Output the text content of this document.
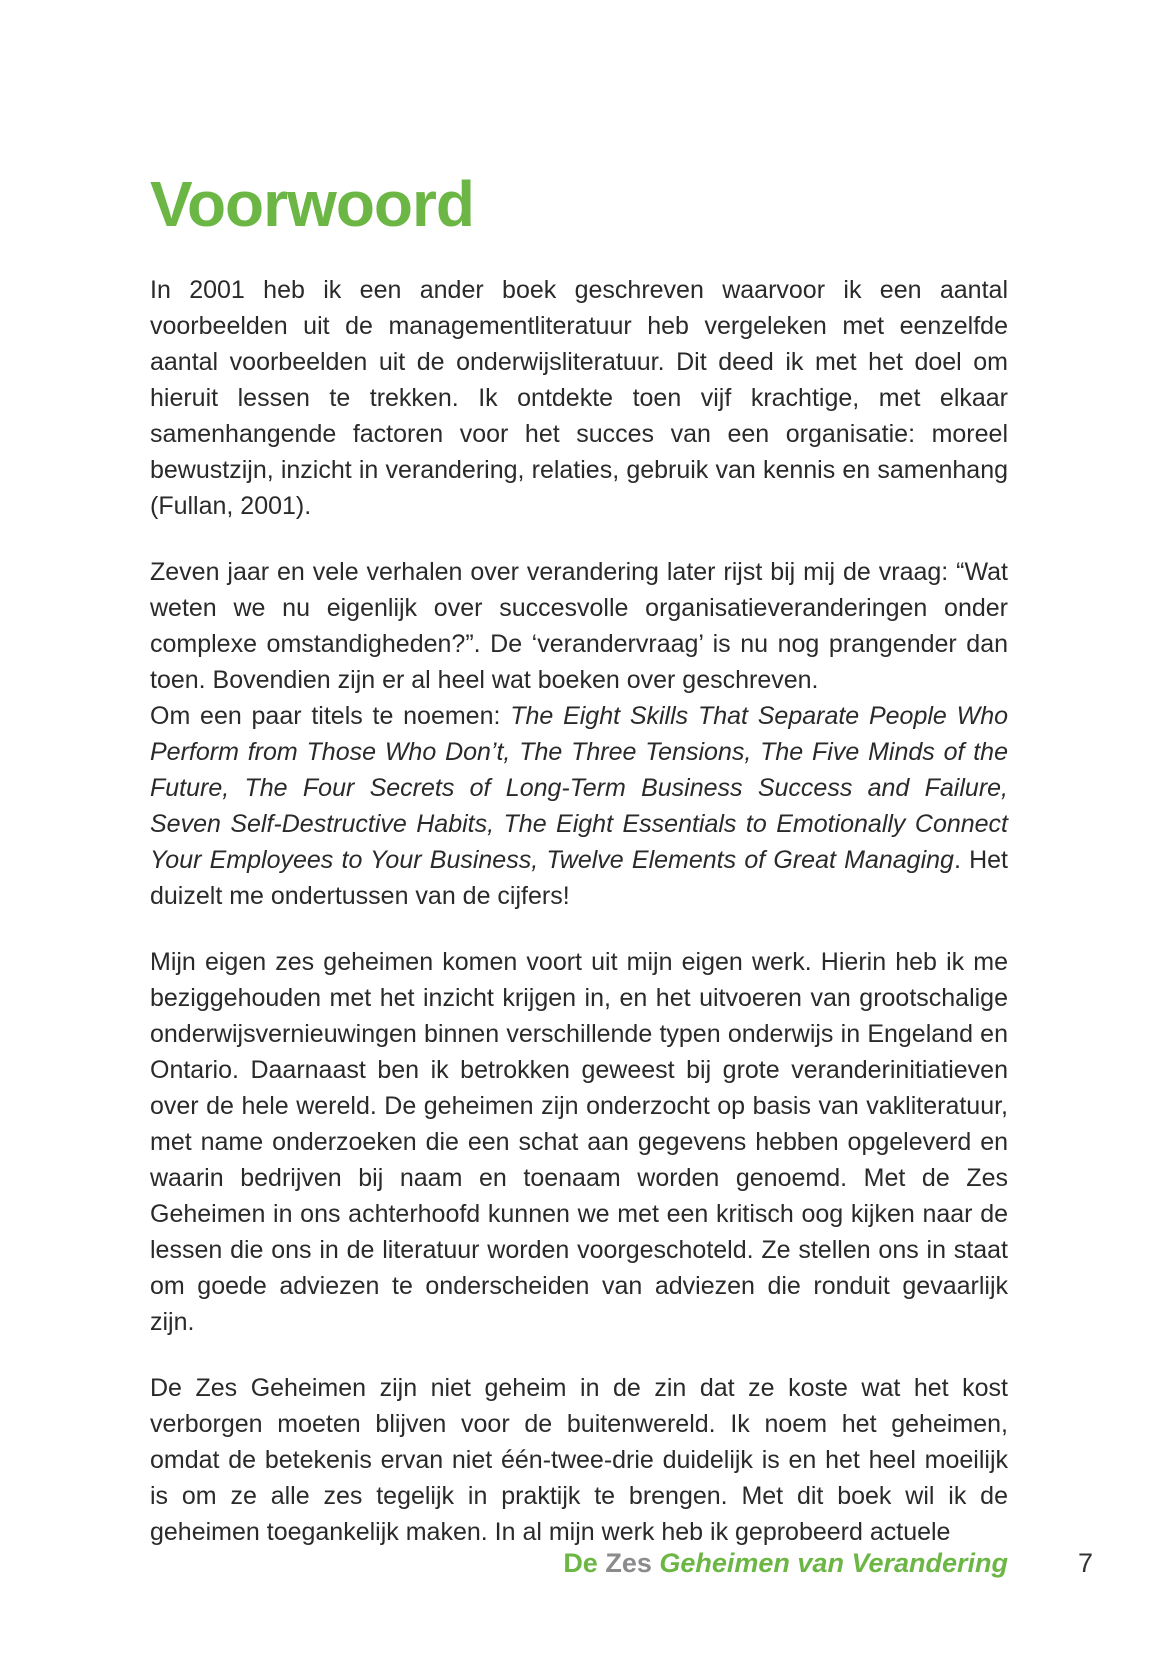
Voorwoord

In 2001 heb ik een ander boek geschreven waarvoor ik een aantal voorbeelden uit de managementliteratuur heb vergeleken met eenzelfde aantal voorbeelden uit de onderwijsliteratuur. Dit deed ik met het doel om hieruit lessen te trekken. Ik ontdekte toen vijf krachtige, met elkaar samenhangende factoren voor het succes van een organisatie: moreel bewustzijn, inzicht in verandering, relaties, gebruik van kennis en samenhang (Fullan, 2001).

Zeven jaar en vele verhalen over verandering later rijst bij mij de vraag: “Wat weten we nu eigenlijk over succesvolle organisatieveranderingen onder complexe omstandigheden?”. De ‘verandervraag’ is nu nog prangender dan toen. Bovendien zijn er al heel wat boeken over geschreven.

Om een paar titels te noemen: The Eight Skills That Separate People Who Perform from Those Who Don’t, The Three Tensions, The Five Minds of the Future, The Four Secrets of Long-Term Business Success and Failure, Seven Self-Destructive Habits, The Eight Essentials to Emotionally Connect Your Employees to Your Business, Twelve Elements of Great Managing. Het duizelt me ondertussen van de cijfers!

Mijn eigen zes geheimen komen voort uit mijn eigen werk. Hierin heb ik me beziggehouden met het inzicht krijgen in, en het uitvoeren van grootschalige onderwijsvernieuwingen binnen verschillende typen onderwijs in Engeland en Ontario. Daarnaast ben ik betrokken geweest bij grote veranderinitiatieven over de hele wereld. De geheimen zijn onderzocht op basis van vakliteratuur, met name onderzoeken die een schat aan gegevens hebben opgeleverd en waarin bedrijven bij naam en toenaam worden genoemd. Met de Zes Geheimen in ons achterhoofd kunnen we met een kritisch oog kijken naar de lessen die ons in de literatuur worden voorgeschoteld. Ze stellen ons in staat om goede adviezen te onderscheiden van adviezen die ronduit gevaarlijk zijn.

De Zes Geheimen zijn niet geheim in de zin dat ze koste wat het kost verborgen moeten blijven voor de buitenwereld. Ik noem het geheimen, omdat de betekenis ervan niet één-twee-drie duidelijk is en het heel moeilijk is om ze alle zes tegelijk in praktijk te brengen. Met dit boek wil ik de geheimen toegankelijk maken. In al mijn werk heb ik geprobeerd actuele

De Zes Geheimen van Verandering	7
